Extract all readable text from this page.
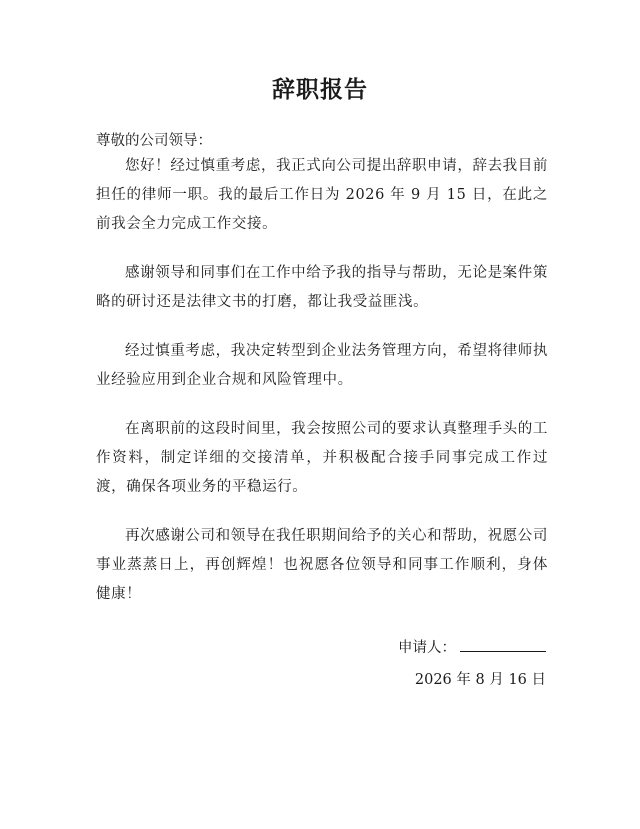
辞职报告
尊敬的公司领导：

您好！经过慎重考虑，我正式向公司提出辞职申请，辞去我目前担任的律师一职。我的最后工作日为 2026 年 9 月 15 日，在此之前我会全力完成工作交接。

感谢领导和同事们在工作中给予我的指导与帮助，无论是案件策略的研讨还是法律文书的打磨，都让我受益匪浅。

经过慎重考虑，我决定转型到企业法务管理方向，希望将律师执业经验应用到企业合规和风险管理中。

在离职前的这段时间里，我会按照公司的要求认真整理手头的工作资料，制定详细的交接清单，并积极配合接手同事完成工作过渡，确保各项业务的平稳运行。

再次感谢公司和领导在我任职期间给予的关心和帮助，祝愿公司事业蒸蒸日上，再创辉煌！也祝愿各位领导和同事工作顺利，身体健康！

申请人：
2026 年 8 月 16 日
